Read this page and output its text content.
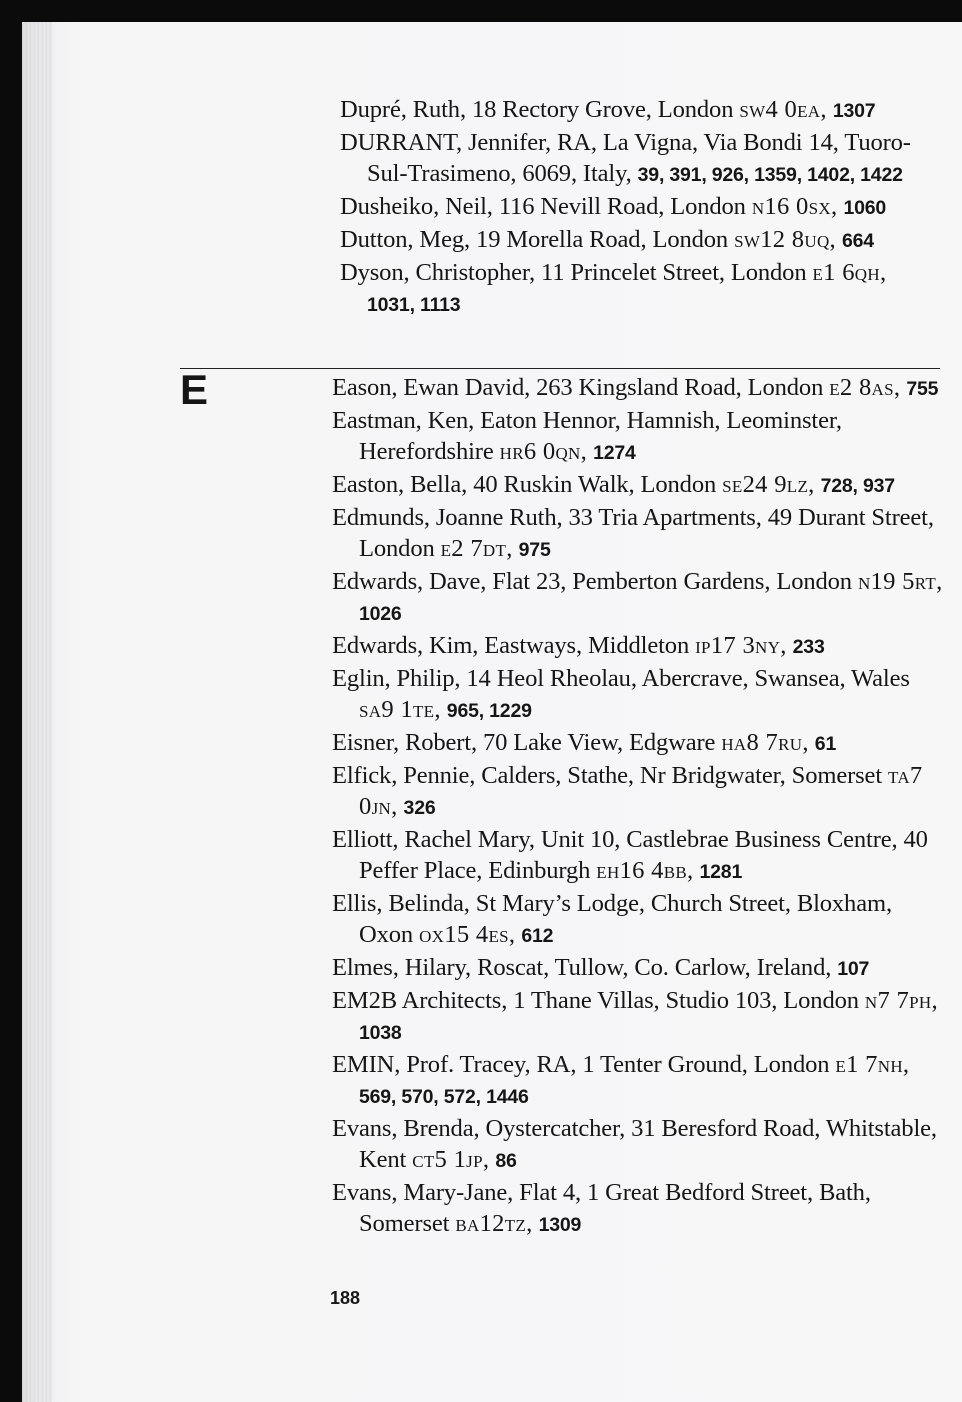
Dupré, Ruth, 18 Rectory Grove, London sw4 0ea, 1307

DURRANT, Jennifer, RA, La Vigna, Via Bondi 14, Tuoro-Sul-Trasimeno, 6069, Italy, 39, 391, 926, 1359, 1402, 1422

Dusheiko, Neil, 116 Nevill Road, London n16 0sx, 1060

Dutton, Meg, 19 Morella Road, London sw12 8uq, 664

Dyson, Christopher, 11 Princelet Street, London e1 6qh, 1031, 1113

E	Eason, Ewan David, 263 Kingsland Road, London e2 8as, 755

Eastman, Ken, Eaton Hennor, Hamnish, Leominster, Herefordshire hr6 0qn, 1274

Easton, Bella, 40 Ruskin Walk, London se24 9lz, 728, 937

Edmunds, Joanne Ruth, 33 Tria Apartments, 49 Durant Street, London e2 7dt, 975

Edwards, Dave, Flat 23, Pemberton Gardens, London n19 5rt, 1026

Edwards, Kim, Eastways, Middleton ip17 3ny, 233

Eglin, Philip, 14 Heol Rheolau, Abercrave, Swansea, Wales sa9 1te, 965, 1229

Eisner, Robert, 70 Lake View, Edgware ha8 7ru, 61

Elfick, Pennie, Calders, Stathe, Nr Bridgwater, Somerset ta7 0jn, 326

Elliott, Rachel Mary, Unit 10, Castlebrae Business Centre, 40 Peffer Place, Edinburgh eh16 4bb, 1281

Ellis, Belinda, St Mary’s Lodge, Church Street, Bloxham, Oxon ox15 4es, 612

Elmes, Hilary, Roscat, Tullow, Co. Carlow, Ireland, 107

EM2B Architects, 1 Thane Villas, Studio 103, London n7 7ph, 1038

EMIN, Prof. Tracey, RA, 1 Tenter Ground, London e1 7nh, 569, 570, 572, 1446

Evans, Brenda, Oystercatcher, 31 Beresford Road, Whitstable, Kent ct5 1jp, 86

Evans, Mary-Jane, Flat 4, 1 Great Bedford Street, Bath, Somerset ba12tz, 1309

188
